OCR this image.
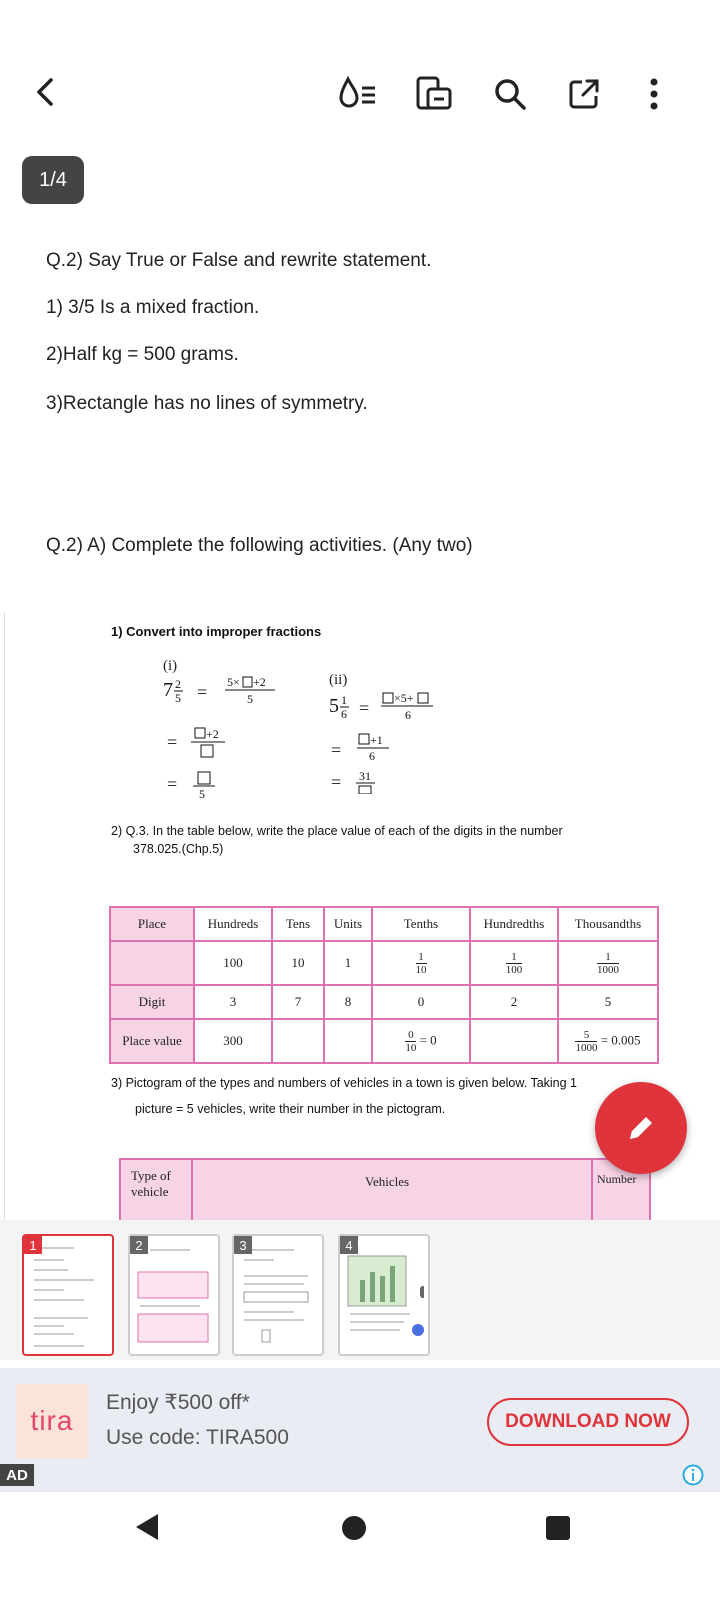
1/4
Q.2) Say True or False and rewrite statement.
1) 3/5 Is a mixed fraction.
2)Half kg = 500 grams.
3)Rectangle has no lines of symmetry.
Q.2) A) Complete the following activities. (Any two)
1) Convert into improper fractions
(i)
7 2
5 = 5× +2
5
= +2
= 5
(ii)
5 1
6 = ×5+
6
= +1
6
= 31
2) Q.3. In the table below, write the place value of each of the digits in the number
378.025.(Chp.5)
Place	Hundreds	Tens	Units	Tenths	Hundredths	Thousandths
	100	10	1	$\frac{1}{10}$	$\frac{1}{100}$	$\frac{1}{1000}$

Digit	3	7	8	0	2	5
Place value	300			$\frac{0}{10} = 0$		$\frac{5}{1000} = 0.005$
3) Pictogram of the types and numbers of vehicles in a town is given below. Taking 1
picture = 5 vehicles, write their number in the pictogram.
Type of
vehicle
Vehicles	Number
1	2	3	4
tira
Enjoy ₹500 off*
Use code: TIRA500
DOWNLOAD NOW
AD
